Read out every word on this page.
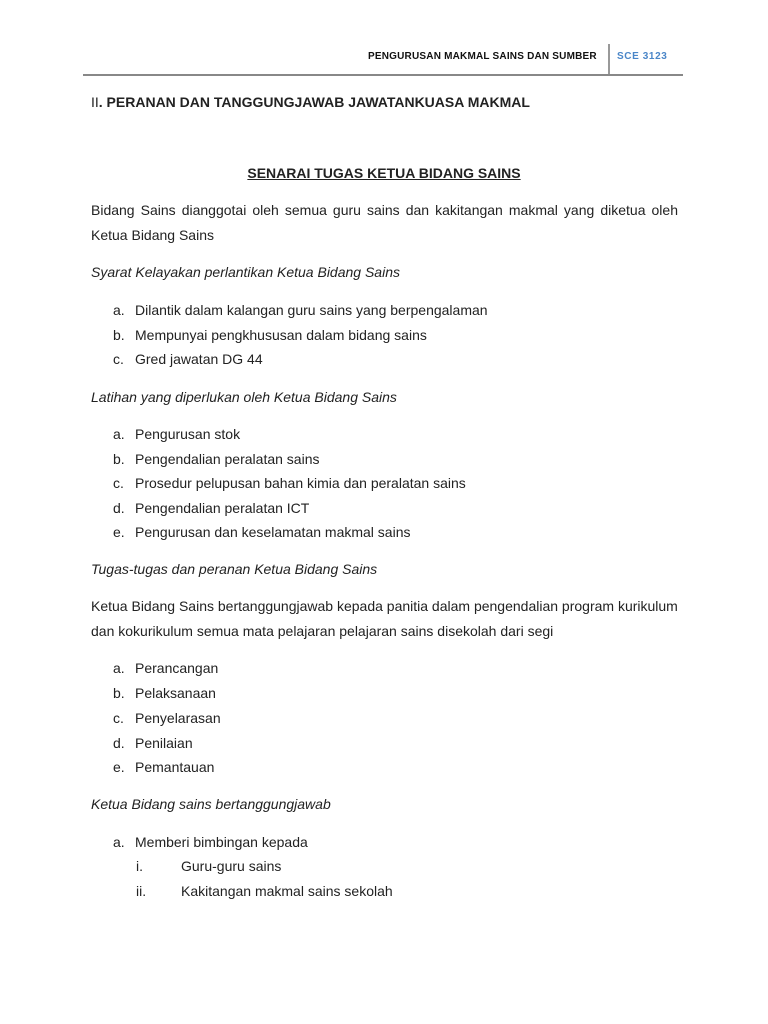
PENGURUSAN MAKMAL SAINS DAN SUMBER SCE 3123
II. PERANAN DAN TANGGUNGJAWAB JAWATANKUASA MAKMAL
SENARAI TUGAS KETUA BIDANG SAINS
Bidang Sains dianggotai oleh semua guru sains dan kakitangan makmal yang diketua oleh Ketua Bidang Sains
Syarat Kelayakan perlantikan Ketua Bidang Sains
a. Dilantik dalam kalangan guru sains yang berpengalaman
b. Mempunyai pengkhususan dalam bidang sains
c. Gred jawatan DG 44
Latihan yang diperlukan oleh Ketua Bidang Sains
a. Pengurusan stok
b. Pengendalian peralatan sains
c. Prosedur pelupusan bahan kimia dan peralatan sains
d. Pengendalian peralatan ICT
e. Pengurusan dan keselamatan makmal sains
Tugas-tugas dan peranan Ketua Bidang Sains
Ketua Bidang Sains bertanggungjawab kepada panitia dalam pengendalian program kurikulum dan kokurikulum semua mata pelajaran pelajaran sains disekolah dari segi
a. Perancangan
b. Pelaksanaan
c. Penyelarasan
d. Penilaian
e. Pemantauan
Ketua Bidang sains bertanggungjawab
a. Memberi bimbingan kepada
i.	Guru-guru sains
ii. Kakitangan makmal sains sekolah
